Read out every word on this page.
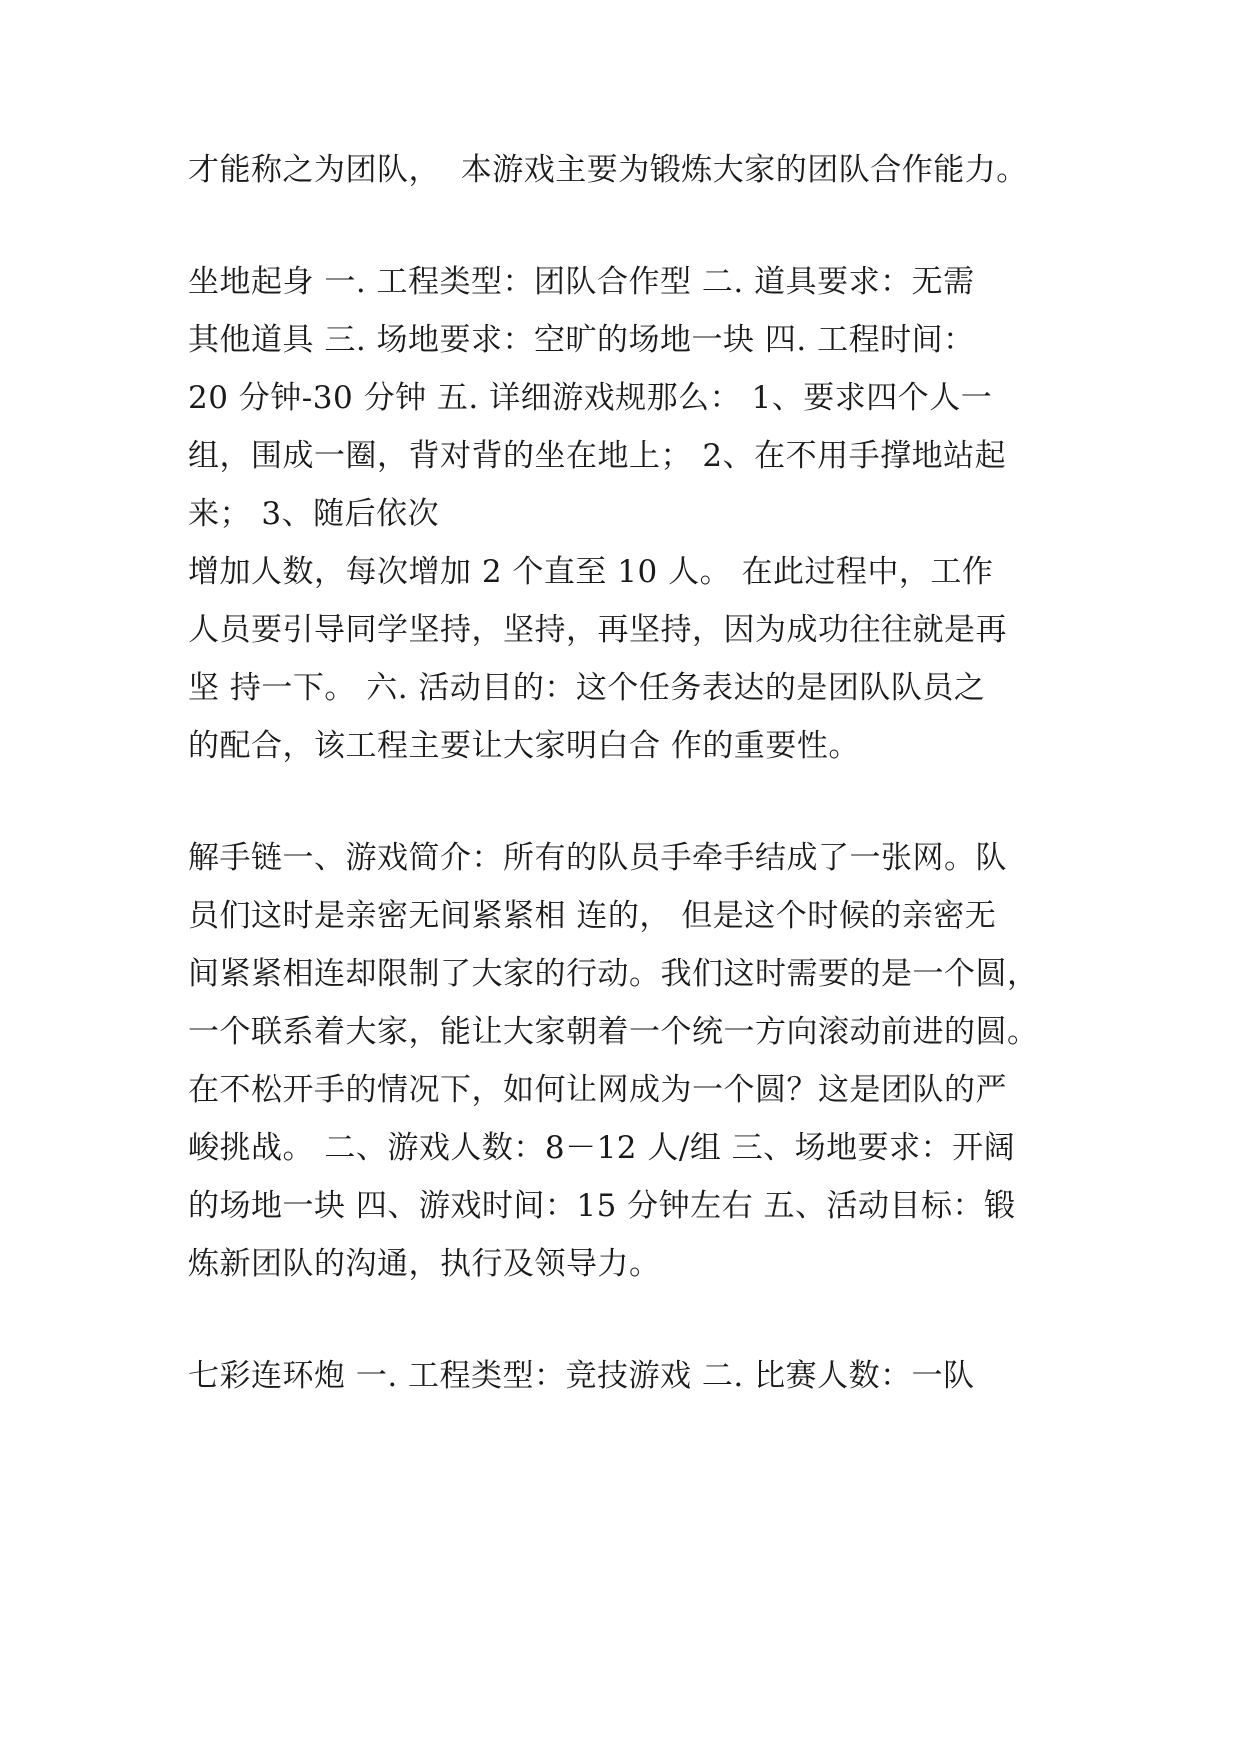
才能称之为团队，  本游戏主要为锻炼大家的团队合作能力。
坐地起身 一. 工程类型：团队合作型 二. 道具要求：无需
其他道具 三. 场地要求：空旷的场地一块 四. 工程时间：
20 分钟-30 分钟 五. 详细游戏规那么： 1、要求四个人一
组，围成一圈，背对背的坐在地上； 2、在不用手撑地站起
来； 3、随后依次
增加人数，每次增加 2 个直至 10 人。 在此过程中，工作
人员要引导同学坚持，坚持，再坚持，因为成功往往就是再
坚 持一下。 六. 活动目的：这个任务表达的是团队队员之
的配合，该工程主要让大家明白合 作的重要性。
解手链一、游戏简介：所有的队员手牵手结成了一张网。队
员们这时是亲密无间紧紧相 连的， 但是这个时候的亲密无
间紧紧相连却限制了大家的行动。我们这时需要的是一个圆，
一个联系着大家，能让大家朝着一个统一方向滚动前进的圆。
在不松开手的情况下，如何让网成为一个圆？这是团队的严
峻挑战。 二、游戏人数：8－12 人/组 三、场地要求：开阔
的场地一块 四、游戏时间：15 分钟左右 五、活动目标：锻
炼新团队的沟通，执行及领导力。
七彩连环炮 一. 工程类型：竞技游戏 二. 比赛人数：一队
